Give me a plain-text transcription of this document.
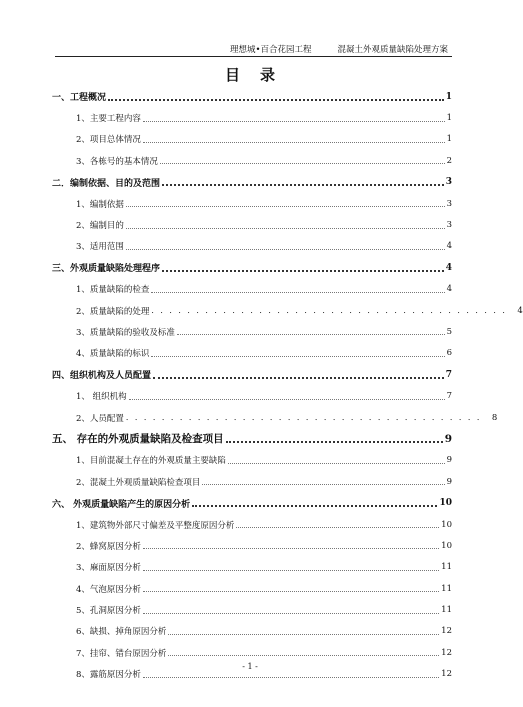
理想城•百合花园工程	混凝土外观质量缺陷处理方案
目 录
一、工程概况	1
1、主要工程内容	1
2、项目总体情况	1
3、各栋号的基本情况	2
二．编制依据、目的及范围	3
1、编制依据	3
2、编制目的	3
3、适用范围	4
三、外观质量缺陷处理程序	4
1、质量缺陷的检查	4
2、质量缺陷的处理 ．．．．．．．．．．．．．．．．．．．．．．．．．．．．．．．．．．．．．．．． 4
3、质量缺陷的验收及标准	5
4、质量缺陷的标识	6
四、组织机构及人员配置	7
1、 组织机构	7
2、人员配置 ．．．．．．．．．．．．．．．．．．．．．．．．．．．．．．．．．．．．．．．． 8
五、 存在的外观质量缺陷及检查项目	9
1、目前混凝土存在的外观质量主要缺陷	9
2、混凝土外观质量缺陷检查项目	9
六、 外观质量缺陷产生的原因分析	10
1、建筑物外部尺寸偏差及平整度原因分析	10
2、蜂窝原因分析	10
3、麻面原因分析	11
4、气泡原因分析	11
5、孔洞原因分析	11
6、缺损、掉角原因分析	12
7、挂帘、错台原因分析	12
8、露筋原因分析	12
- 1 -
